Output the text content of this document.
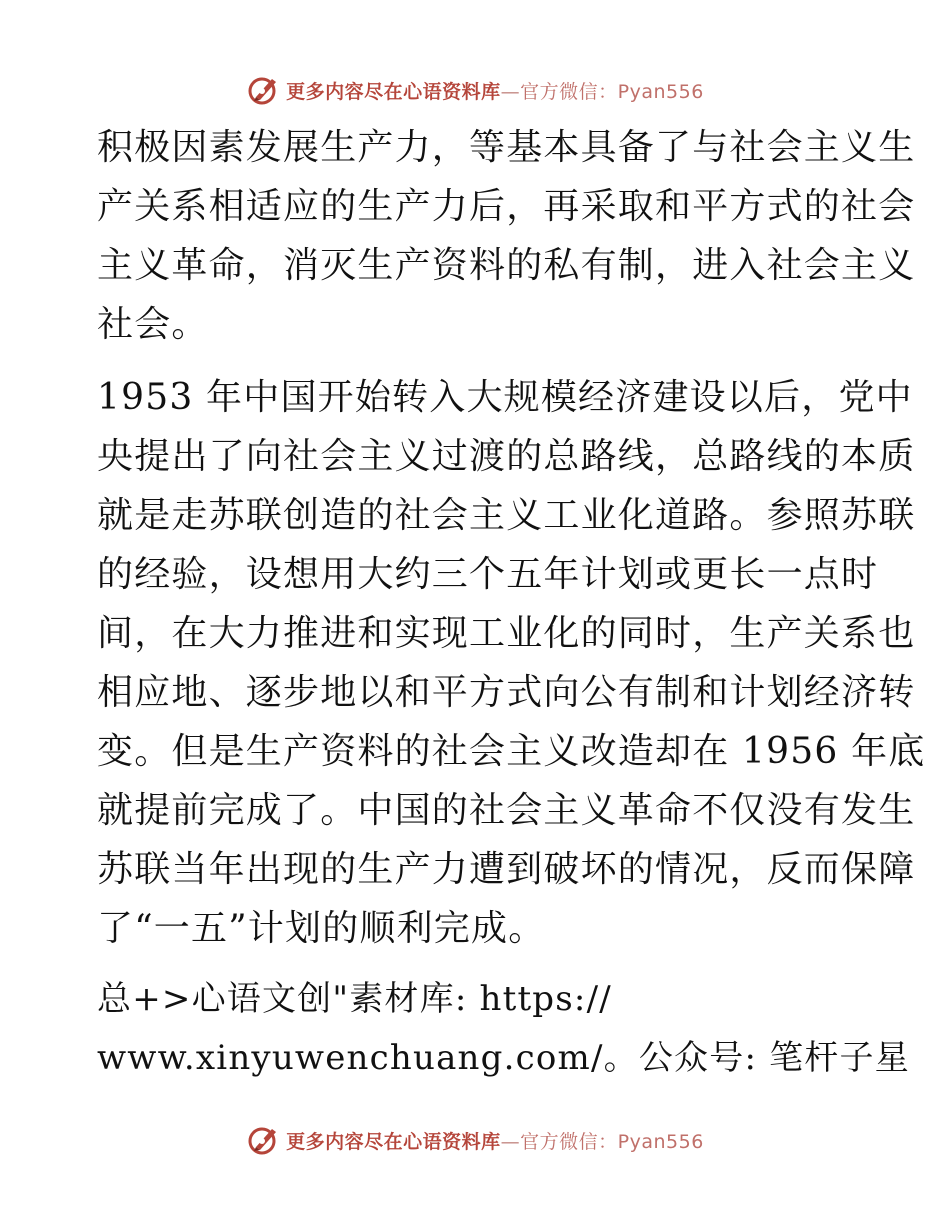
更多内容尽在心语资料库—官方微信：Pyan556

积极因素发展生产力，等基本具备了与社会主义生
产关系相适应的生产力后，再采取和平方式的社会
主义革命，消灭生产资料的私有制，进入社会主义
社会。

1953 年中国开始转入大规模经济建设以后，党中
央提出了向社会主义过渡的总路线，总路线的本质
就是走苏联创造的社会主义工业化道路。参照苏联
的经验，设想用大约三个五年计划或更长一点时
间，在大力推进和实现工业化的同时，生产关系也
相应地、逐步地以和平方式向公有制和计划经济转
变。但是生产资料的社会主义改造却在 1956 年底
就提前完成了。中国的社会主义革命不仅没有发生
苏联当年出现的生产力遭到破坏的情况，反而保障
了“一五”计划的顺利完成。

总+>心语文创"素材库: https://
www.xinyuwenchuang.com/。公众号: 笔杆子星

更多内容尽在心语资料库—官方微信：Pyan556
